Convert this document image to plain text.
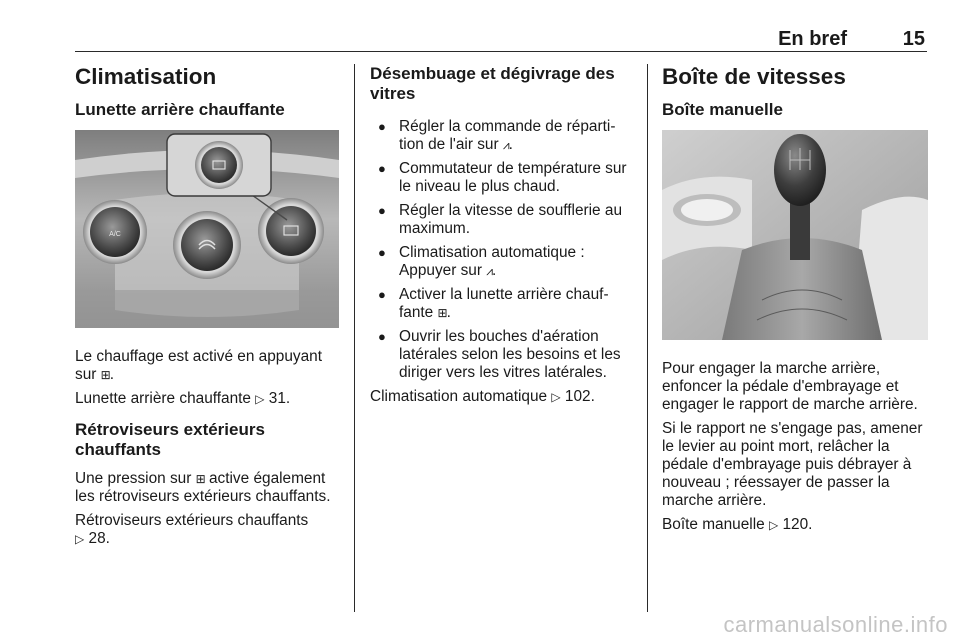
En bref	15
Climatisation
Lunette arrière chauffante
A/C

Le chauffage est activé en appuyant sur ⊞.

Lunette arrière chauffante ▷ 31.

Rétroviseurs extérieurs
chauffants

Une pression sur ⊞ active également les rétroviseurs extérieurs chauffants.

Rétroviseurs extérieurs chauffants
▷ 28.

Désembuage et dégivrage des vitres
● Régler la commande de répartition de l'air sur ⩘.
● Commutateur de température sur le niveau le plus chaud.
● Régler la vitesse de soufflerie au maximum.
● Climatisation automatique : Appuyer sur ⩘.
● Activer la lunette arrière chauffante ⊞.
● Ouvrir les bouches d'aération latérales selon les besoins et les diriger vers les vitres latérales.

Climatisation automatique ▷ 102.

Boîte de vitesses
Boîte manuelle

Pour engager la marche arrière, enfoncer la pédale d'embrayage et engager le rapport de marche arrière.

Si le rapport ne s'engage pas, amener le levier au point mort, relâcher la pédale d'embrayage puis débrayer à nouveau ; réessayer de passer la marche arrière.

Boîte manuelle ▷ 120.

carmanualsonline.info
